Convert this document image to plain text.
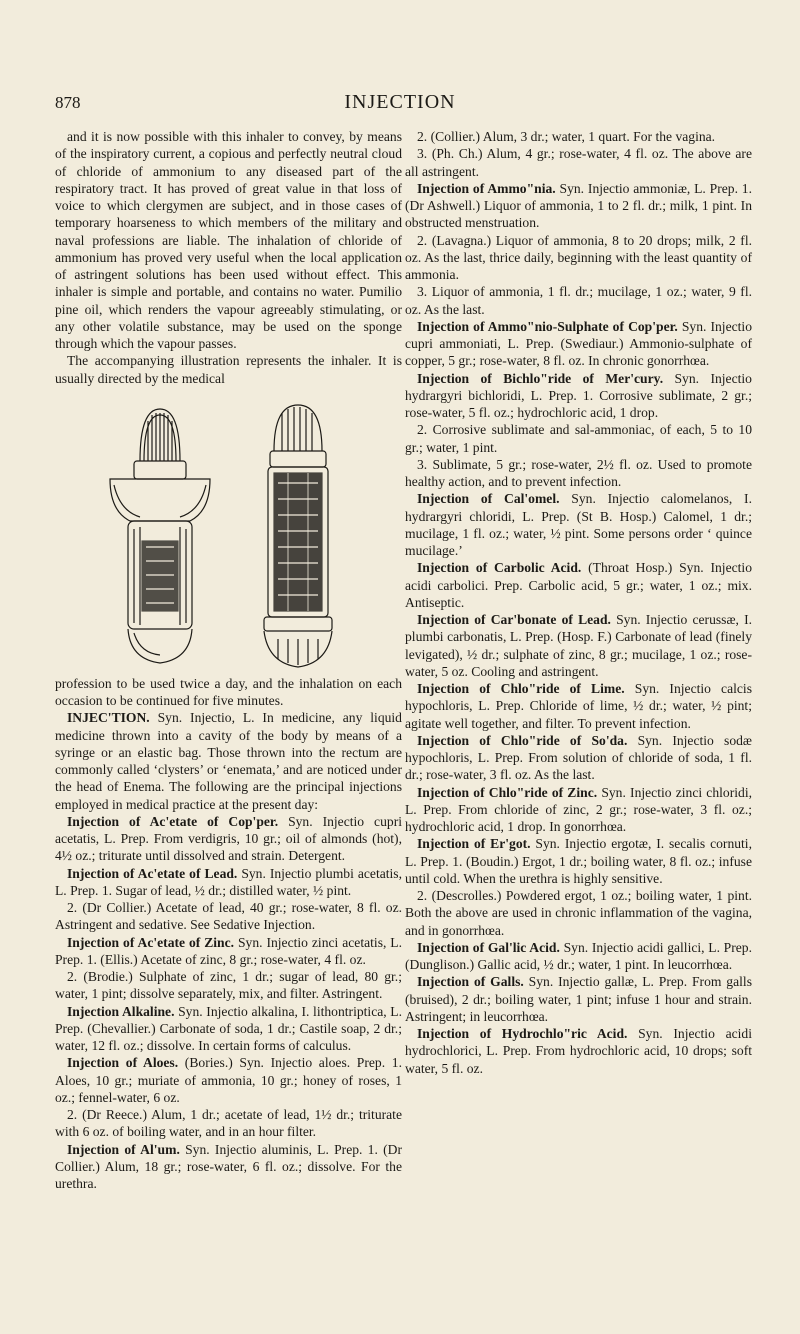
878	INJECTION

and it is now possible with this inhaler to convey, by means of the inspiratory current, a copious and perfectly neutral cloud of chloride of ammonium to any diseased part of the respiratory tract. It has proved of great value in that loss of voice to which clergymen are subject, and in those cases of temporary hoarseness to which members of the military and naval professions are liable. The inhalation of chloride of ammonium has proved very useful when the local application of astringent solutions has been used without effect. This inhaler is simple and portable, and contains no water. Pumilio pine oil, which renders the vapour agreeably stimulating, or any other volatile substance, may be used on the sponge through which the vapour passes.

The accompanying illustration represents the inhaler. It is usually directed by the medical

profession to be used twice a day, and the inhalation on each occasion to be continued for five minutes.

INJEC'TION. Syn. Injectio, L. In medicine, any liquid medicine thrown into a cavity of the body by means of a syringe or an elastic bag. Those thrown into the rectum are commonly called ‘clysters’ or ‘enemata,’ and are noticed under the head of Enema. The following are the principal injections employed in medical practice at the present day:

Injection of Ac'etate of Cop'per. Syn. Injectio cupri acetatis, L. Prep. From verdigris, 10 gr.; oil of almonds (hot), 4½ oz.; triturate until dissolved and strain. Detergent.

Injection of Ac'etate of Lead. Syn. Injectio plumbi acetatis, L. Prep. 1. Sugar of lead, ½ dr.; distilled water, ½ pint.

2. (Dr Collier.) Acetate of lead, 40 gr.; rose-water, 8 fl. oz. Astringent and sedative. See Sedative Injection.

Injection of Ac'etate of Zinc. Syn. Injectio zinci acetatis, L. Prep. 1. (Ellis.) Acetate of zinc, 8 gr.; rose-water, 4 fl. oz.

2. (Brodie.) Sulphate of zinc, 1 dr.; sugar of lead, 80 gr.; water, 1 pint; dissolve separately, mix, and filter. Astringent.

Injection Alkaline. Syn. Injectio alkalina, I. lithontriptica, L. Prep. (Chevallier.) Carbonate of soda, 1 dr.; Castile soap, 2 dr.; water, 12 fl. oz.; dissolve. In certain forms of calculus.

Injection of Aloes. (Bories.) Syn. Injectio aloes. Prep. 1. Aloes, 10 gr.; muriate of ammonia, 10 gr.; honey of roses, 1 oz.; fennel-water, 6 oz.

2. (Dr Reece.) Alum, 1 dr.; acetate of lead, 1½ dr.; triturate with 6 oz. of boiling water, and in an hour filter.

Injection of Al'um. Syn. Injectio aluminis, L. Prep. 1. (Dr Collier.) Alum, 18 gr.; rose-water, 6 fl. oz.; dissolve. For the urethra.

2. (Collier.) Alum, 3 dr.; water, 1 quart. For the vagina.

3. (Ph. Ch.) Alum, 4 gr.; rose-water, 4 fl. oz. The above are all astringent.

Injection of Ammo"nia. Syn. Injectio ammoniæ, L. Prep. 1. (Dr Ashwell.) Liquor of ammonia, 1 to 2 fl. dr.; milk, 1 pint. In obstructed menstruation.

2. (Lavagna.) Liquor of ammonia, 8 to 20 drops; milk, 2 fl. oz. As the last, thrice daily, beginning with the least quantity of ammonia.

3. Liquor of ammonia, 1 fl. dr.; mucilage, 1 oz.; water, 9 fl. oz. As the last.

Injection of Ammo"nio-Sulphate of Cop'per. Syn. Injectio cupri ammoniati, L. Prep. (Swediaur.) Ammonio-sulphate of copper, 5 gr.; rose-water, 8 fl. oz. In chronic gonorrhœa.

Injection of Bichlo"ride of Mer'cury. Syn. Injectio hydrargyri bichloridi, L. Prep. 1. Corrosive sublimate, 2 gr.; rose-water, 5 fl. oz.; hydrochloric acid, 1 drop.

2. Corrosive sublimate and sal-ammoniac, of each, 5 to 10 gr.; water, 1 pint.

3. Sublimate, 5 gr.; rose-water, 2½ fl. oz. Used to promote healthy action, and to prevent infection.

Injection of Cal'omel. Syn. Injectio calomelanos, I. hydrargyri chloridi, L. Prep. (St B. Hosp.) Calomel, 1 dr.; mucilage, 1 fl. oz.; water, ½ pint. Some persons order ‘ quince mucilage.’

Injection of Carbolic Acid. (Throat Hosp.) Syn. Injectio acidi carbolici. Prep. Carbolic acid, 5 gr.; water, 1 oz.; mix. Antiseptic.

Injection of Car'bonate of Lead. Syn. Injectio cerussæ, I. plumbi carbonatis, L. Prep. (Hosp. F.) Carbonate of lead (finely levigated), ½ dr.; sulphate of zinc, 8 gr.; mucilage, 1 oz.; rose-water, 5 oz. Cooling and astringent.

Injection of Chlo"ride of Lime. Syn. Injectio calcis hypochloris, L. Prep. Chloride of lime, ½ dr.; water, ½ pint; agitate well together, and filter. To prevent infection.

Injection of Chlo"ride of So'da. Syn. Injectio sodæ hypochloris, L. Prep. From solution of chloride of soda, 1 fl. dr.; rose-water, 3 fl. oz. As the last.

Injection of Chlo"ride of Zinc. Syn. Injectio zinci chloridi, L. Prep. From chloride of zinc, 2 gr.; rose-water, 3 fl. oz.; hydrochloric acid, 1 drop. In gonorrhœa.

Injection of Er'got. Syn. Injectio ergotæ, I. secalis cornuti, L. Prep. 1. (Boudin.) Ergot, 1 dr.; boiling water, 8 fl. oz.; infuse until cold. When the urethra is highly sensitive.

2. (Descrolles.) Powdered ergot, 1 oz.; boiling water, 1 pint. Both the above are used in chronic inflammation of the vagina, and in gonorrhœa.

Injection of Gal'lic Acid. Syn. Injectio acidi gallici, L. Prep. (Dunglison.) Gallic acid, ½ dr.; water, 1 pint. In leucorrhœa.

Injection of Galls. Syn. Injectio gallæ, L. Prep. From galls (bruised), 2 dr.; boiling water, 1 pint; infuse 1 hour and strain. Astringent; in leucorrhœa.

Injection of Hydrochlo"ric Acid. Syn. Injectio acidi hydrochlorici, L. Prep. From hydrochloric acid, 10 drops; soft water, 5 fl. oz.
